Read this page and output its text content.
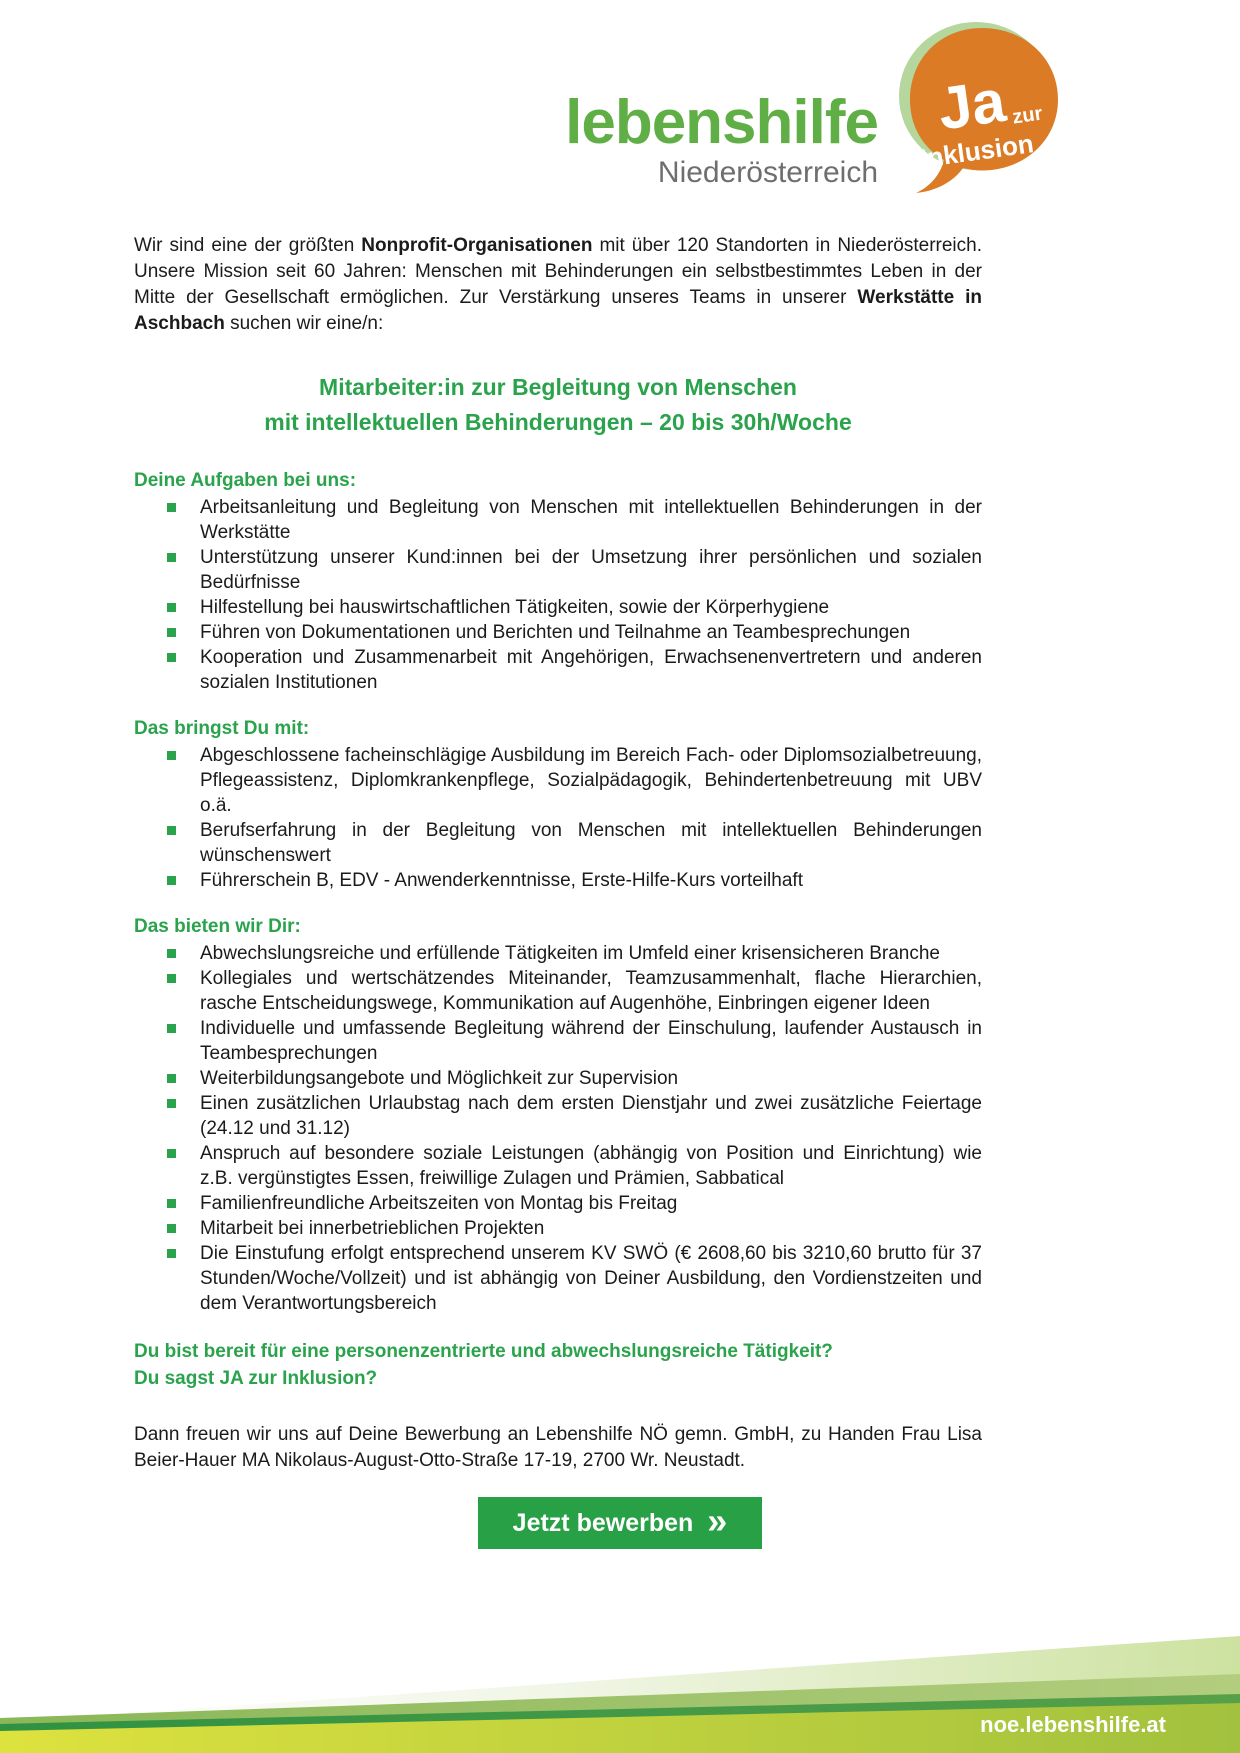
lebenshilfe
Niederösterreich
Ja zur
Inklusion

Wir sind eine der größten Nonprofit-Organisationen mit über 120 Standorten in Niederösterreich. Unsere Mission seit 60 Jahren: Menschen mit Behinderungen ein selbstbestimmtes Leben in der Mitte der Gesellschaft ermöglichen. Zur Verstärkung unseres Teams in unserer Werkstätte in Aschbach suchen wir eine/n:

Mitarbeiter:in zur Begleitung von Menschen
mit intellektuellen Behinderungen – 20 bis 30h/Woche

Deine Aufgaben bei uns:

Arbeitsanleitung und Begleitung von Menschen mit intellektuellen Behinderungen in der Werkstätte
Unterstützung unserer Kund:innen bei der Umsetzung ihrer persönlichen und sozialen Bedürfnisse
Hilfestellung bei hauswirtschaftlichen Tätigkeiten, sowie der Körperhygiene
Führen von Dokumentationen und Berichten und Teilnahme an Teambesprechungen
Kooperation und Zusammenarbeit mit Angehörigen, Erwachsenenvertretern und anderen sozialen Institutionen

Das bringst Du mit:

Abgeschlossene facheinschlägige Ausbildung im Bereich Fach- oder Diplomsozialbetreuung, Pflegeassistenz, Diplomkrankenpflege, Sozialpädagogik, Behindertenbetreuung mit UBV o.ä.
Berufserfahrung in der Begleitung von Menschen mit intellektuellen Behinderungen wünschenswert
Führerschein B, EDV - Anwenderkenntnisse, Erste-Hilfe-Kurs vorteilhaft

Das bieten wir Dir:

Abwechslungsreiche und erfüllende Tätigkeiten im Umfeld einer krisensicheren Branche
Kollegiales und wertschätzendes Miteinander, Teamzusammenhalt, flache Hierarchien, rasche Entscheidungswege, Kommunikation auf Augenhöhe, Einbringen eigener Ideen
Individuelle und umfassende Begleitung während der Einschulung, laufender Austausch in Teambesprechungen
Weiterbildungsangebote und Möglichkeit zur Supervision
Einen zusätzlichen Urlaubstag nach dem ersten Dienstjahr und zwei zusätzliche Feiertage (24.12 und 31.12)
Anspruch auf besondere soziale Leistungen (abhängig von Position und Einrichtung) wie z.B. vergünstigtes Essen, freiwillige Zulagen und Prämien, Sabbatical
Familienfreundliche Arbeitszeiten von Montag bis Freitag
Mitarbeit bei innerbetrieblichen Projekten
Die Einstufung erfolgt entsprechend unserem KV SWÖ (€ 2608,60 bis 3210,60 brutto für 37 Stunden/Woche/Vollzeit) und ist abhängig von Deiner Ausbildung, den Vordienstzeiten und dem Verantwortungsbereich
Du bist bereit für eine personenzentrierte und abwechslungsreiche Tätigkeit?
Du sagst JA zur Inklusion?

Dann freuen wir uns auf Deine Bewerbung an Lebenshilfe NÖ gemn. GmbH, zu Handen Frau Lisa Beier-Hauer MA Nikolaus-August-Otto-Straße 17-19, 2700 Wr. Neustadt.

Jetzt bewerben »
noe.lebenshilfe.at
